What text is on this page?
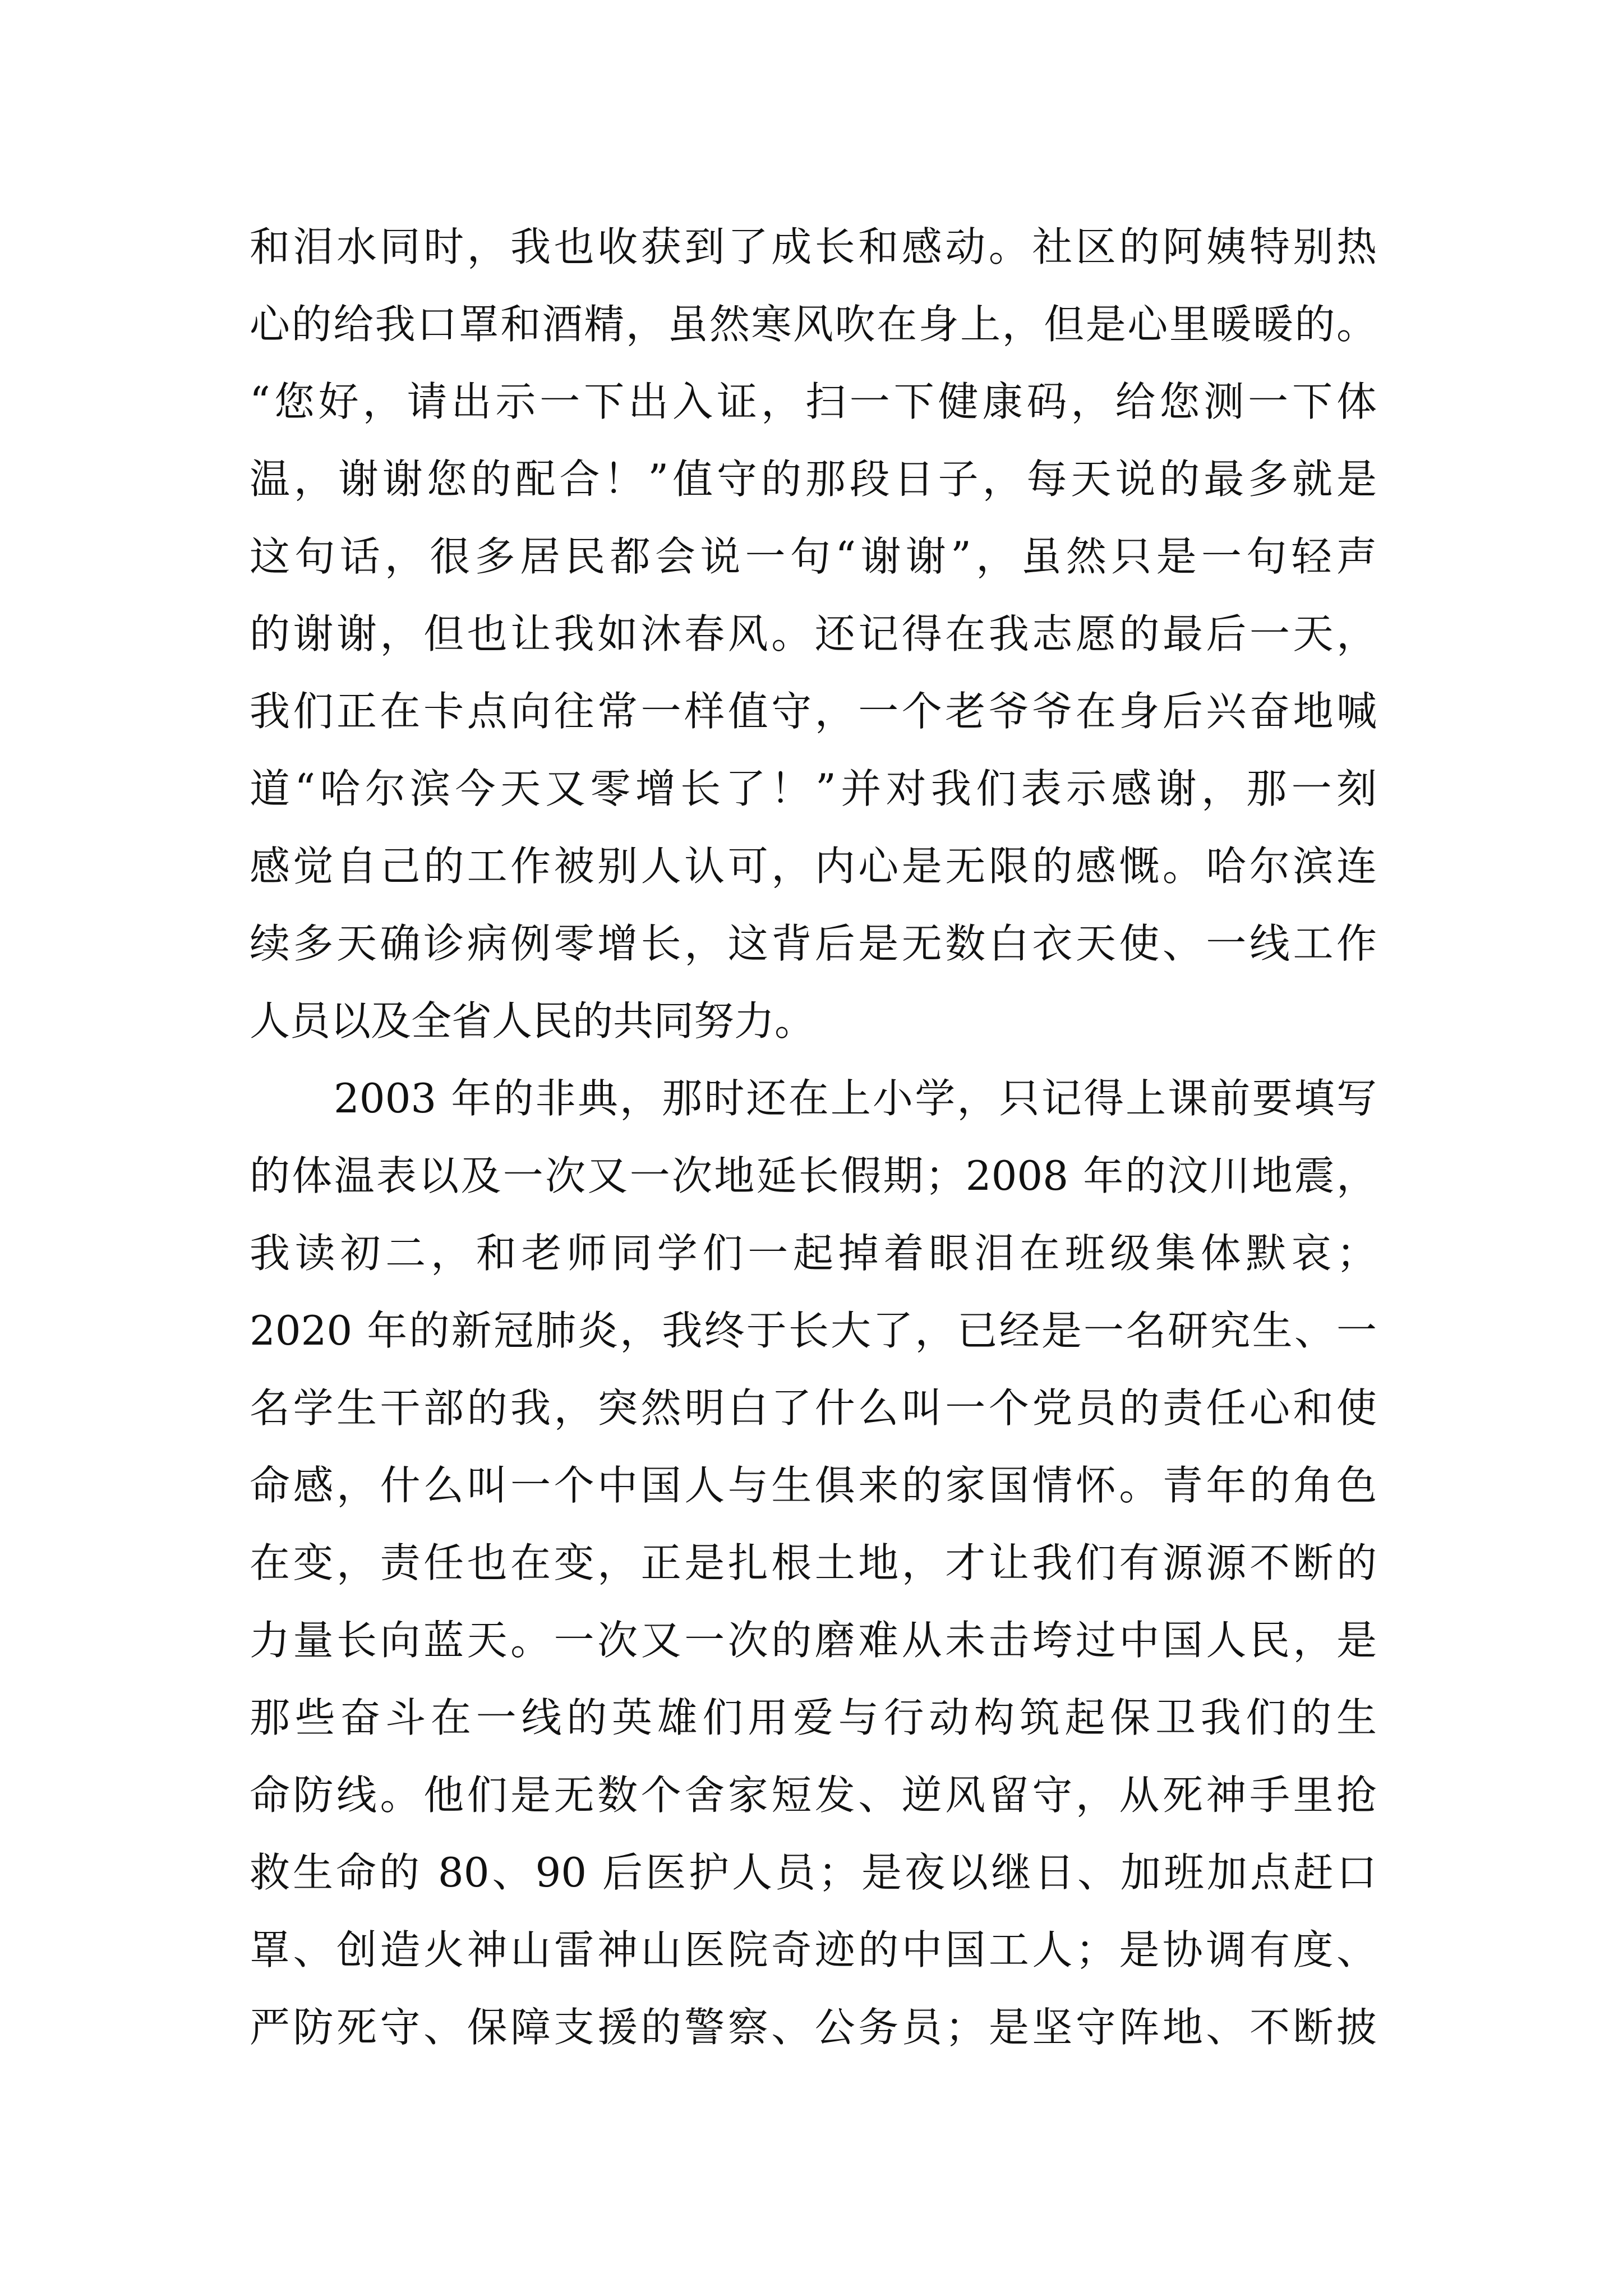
和泪水同时，我也收获到了成长和感动。社区的阿姨特别热
心的给我口罩和酒精，虽然寒风吹在身上，但是心里暖暖的。
“您好，请出示一下出入证，扫一下健康码，给您测一下体
温，谢谢您的配合！”值守的那段日子，每天说的最多就是
这句话，很多居民都会说一句“谢谢”，虽然只是一句轻声
的谢谢，但也让我如沐春风。还记得在我志愿的最后一天，
我们正在卡点向往常一样值守，一个老爷爷在身后兴奋地喊
道“哈尔滨今天又零增长了！”并对我们表示感谢，那一刻
感觉自己的工作被别人认可，内心是无限的感慨。哈尔滨连
续多天确诊病例零增长，这背后是无数白衣天使、一线工作
人员以及全省人民的共同努力。
2003 年的非典，那时还在上小学，只记得上课前要填写
的体温表以及一次又一次地延长假期；2008 年的汶川地震，
我读初二，和老师同学们一起掉着眼泪在班级集体默哀；
2020 年的新冠肺炎，我终于长大了，已经是一名研究生、一
名学生干部的我，突然明白了什么叫一个党员的责任心和使
命感，什么叫一个中国人与生俱来的家国情怀。青年的角色
在变，责任也在变，正是扎根土地，才让我们有源源不断的
力量长向蓝天。一次又一次的磨难从未击垮过中国人民，是
那些奋斗在一线的英雄们用爱与行动构筑起保卫我们的生
命防线。他们是无数个舍家短发、逆风留守，从死神手里抢
救生命的 80、90 后医护人员；是夜以继日、加班加点赶口
罩、创造火神山雷神山医院奇迹的中国工人；是协调有度、
严防死守、保障支援的警察、公务员；是坚守阵地、不断披
